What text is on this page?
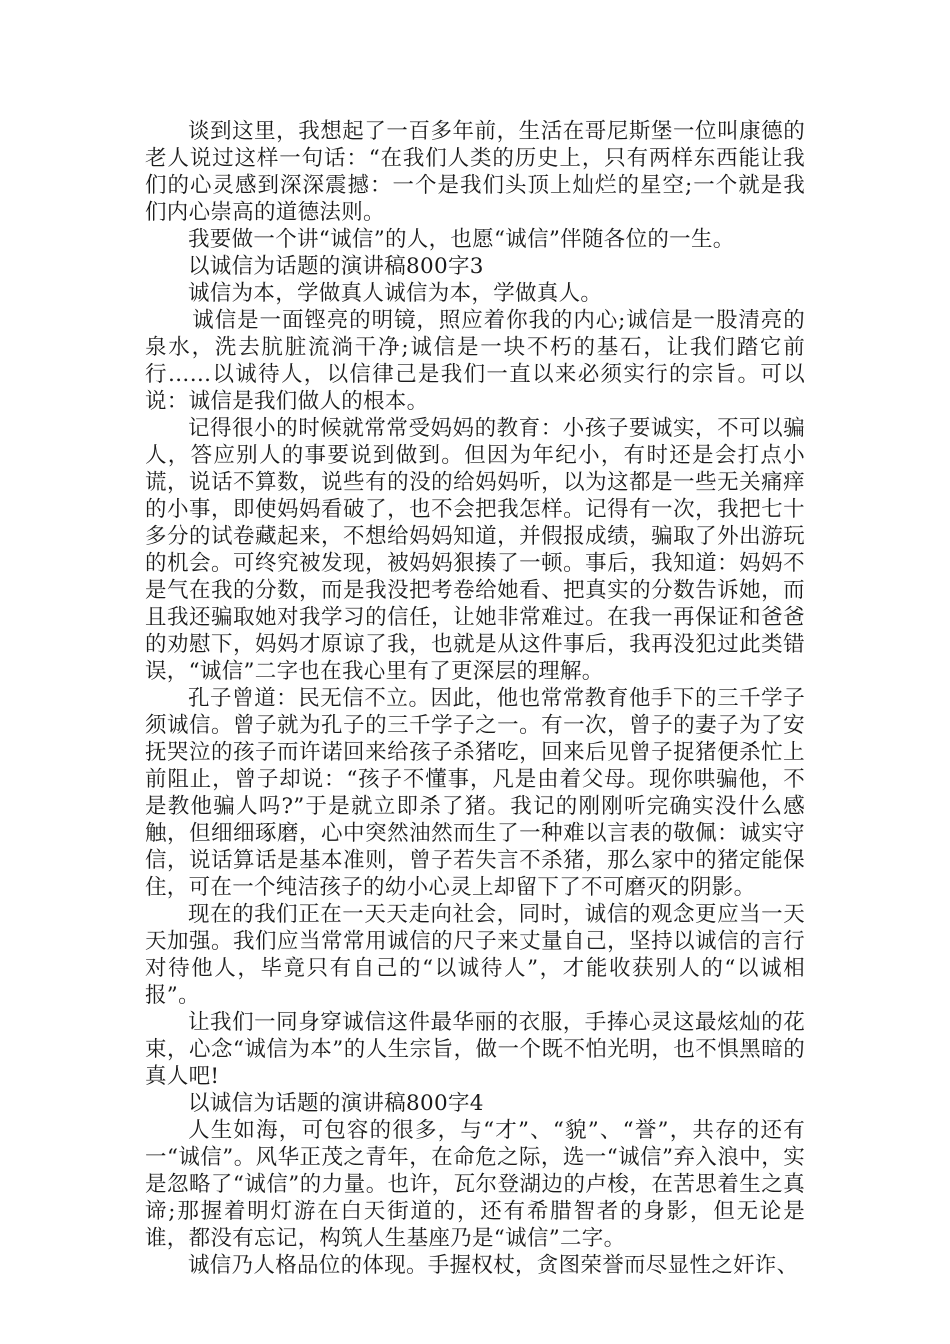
谈到这里，我想起了一百多年前，生活在哥尼斯堡一位叫康德的老人说过这样一句话：“在我们人类的历史上，只有两样东西能让我们的心灵感到深深震撼：一个是我们头顶上灿烂的星空;一个就是我们内心崇高的道德法则。

我要做一个讲“诚信”的人，也愿“诚信”伴随各位的一生。

以诚信为话题的演讲稿800字3

诚信为本，学做真人诚信为本，学做真人。

诚信是一面铿亮的明镜，照应着你我的内心;诚信是一股清亮的泉水，洗去肮脏流淌干净;诚信是一块不朽的基石，让我们踏它前行……以诚待人，以信律己是我们一直以来必须实行的宗旨。可以说：诚信是我们做人的根本。

记得很小的时候就常常受妈妈的教育：小孩子要诚实，不可以骗人，答应别人的事要说到做到。但因为年纪小，有时还是会打点小谎，说话不算数，说些有的没的给妈妈听，以为这都是一些无关痛痒的小事，即使妈妈看破了，也不会把我怎样。记得有一次，我把七十多分的试卷藏起来，不想给妈妈知道，并假报成绩，骗取了外出游玩的机会。可终究被发现，被妈妈狠揍了一顿。事后，我知道：妈妈不是气在我的分数，而是我没把考卷给她看、把真实的分数告诉她，而且我还骗取她对我学习的信任，让她非常难过。在我一再保证和爸爸的劝慰下，妈妈才原谅了我，也就是从这件事后，我再没犯过此类错误，“诚信”二字也在我心里有了更深层的理解。

孔子曾道：民无信不立。因此，他也常常教育他手下的三千学子须诚信。曾子就为孔子的三千学子之一。有一次，曾子的妻子为了安抚哭泣的孩子而许诺回来给孩子杀猪吃，回来后见曾子捉猪便杀忙上前阻止，曾子却说：“孩子不懂事，凡是由着父母。现你哄骗他，不是教他骗人吗?”于是就立即杀了猪。我记的刚刚听完确实没什么感触，但细细琢磨，心中突然油然而生了一种难以言表的敬佩：诚实守信，说话算话是基本准则，曾子若失言不杀猪，那么家中的猪定能保住，可在一个纯洁孩子的幼小心灵上却留下了不可磨灭的阴影。

现在的我们正在一天天走向社会，同时，诚信的观念更应当一天天加强。我们应当常常用诚信的尺子来丈量自己，坚持以诚信的言行对待他人，毕竟只有自己的“以诚待人”，才能收获别人的“以诚相报”。

让我们一同身穿诚信这件最华丽的衣服，手捧心灵这最炫灿的花束，心念“诚信为本”的人生宗旨，做一个既不怕光明，也不惧黑暗的真人吧!

以诚信为话题的演讲稿800字4

人生如海，可包容的很多，与“才”、“貌”、“誉”，共存的还有一“诚信”。风华正茂之青年，在命危之际，选一“诚信”弃入浪中，实是忽略了“诚信”的力量。也许，瓦尔登湖边的卢梭，在苦思着生之真谛;那握着明灯游在白天街道的，还有希腊智者的身影，但无论是谁，都没有忘记，构筑人生基座乃是“诚信”二字。

诚信乃人格品位的体现。手握权杖，贪图荣誉而尽显性之奸诈、
